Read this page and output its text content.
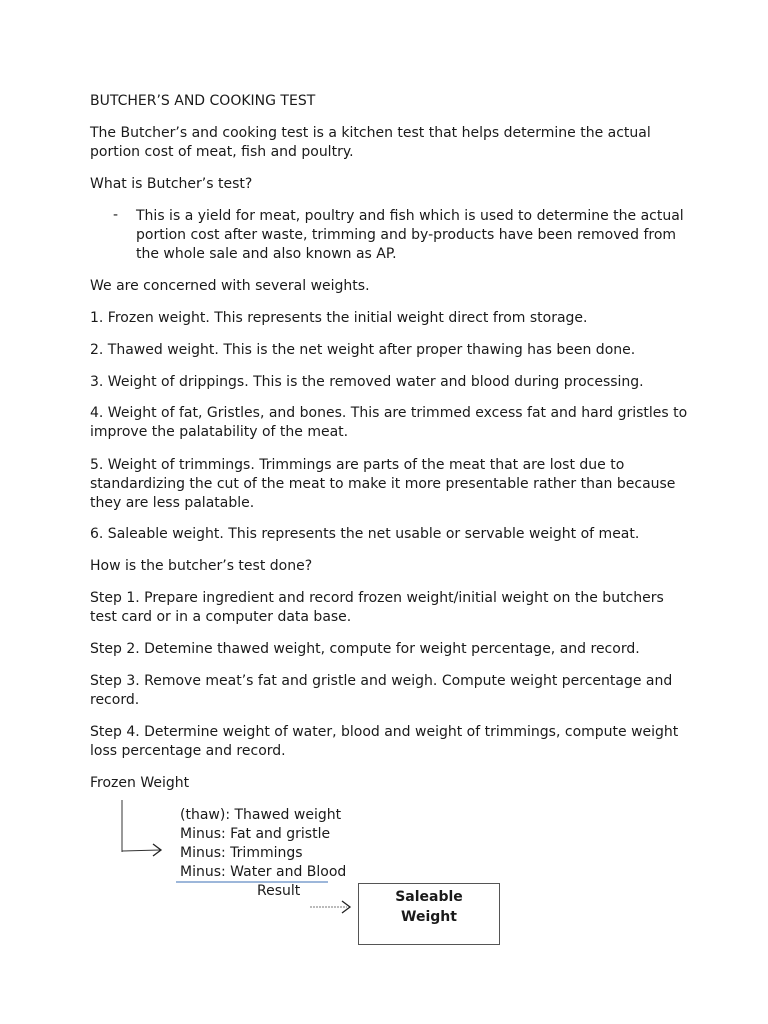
BUTCHER’S AND COOKING TEST

The Butcher’s and cooking test is a kitchen test that helps determine the actual portion cost of meat, fish and poultry.

What is Butcher’s test?

- This is a yield for meat, poultry and fish which is used to determine the actual portion cost after waste, trimming and by-products have been removed from the whole sale and also known as AP.

We are concerned with several weights.

1. Frozen weight. This represents the initial weight direct from storage.

2. Thawed weight. This is the net weight after proper thawing has been done.

3. Weight of drippings. This is the removed water and blood during processing.

4. Weight of fat, Gristles, and bones. This are trimmed excess fat and hard gristles to improve the palatability of the meat.

5. Weight of trimmings. Trimmings are parts of the meat that are lost due to standardizing the cut of the meat to make it more presentable rather than because they are less palatable.

6. Saleable weight. This represents the net usable or servable weight of meat.

How is the butcher’s test done?

Step 1. Prepare ingredient and record frozen weight/initial weight on the butchers test card or in a computer data base.

Step 2. Detemine thawed weight, compute for weight percentage, and record.

Step 3. Remove meat’s fat and gristle and weigh. Compute weight percentage and record.

Step 4. Determine weight of water, blood and weight of trimmings, compute weight loss percentage and record.

Frozen Weight

(thaw): Thawed weight
Minus: Fat and gristle
Minus: Trimmings
Minus: Water and Blood
Result	Saleable
Weight
